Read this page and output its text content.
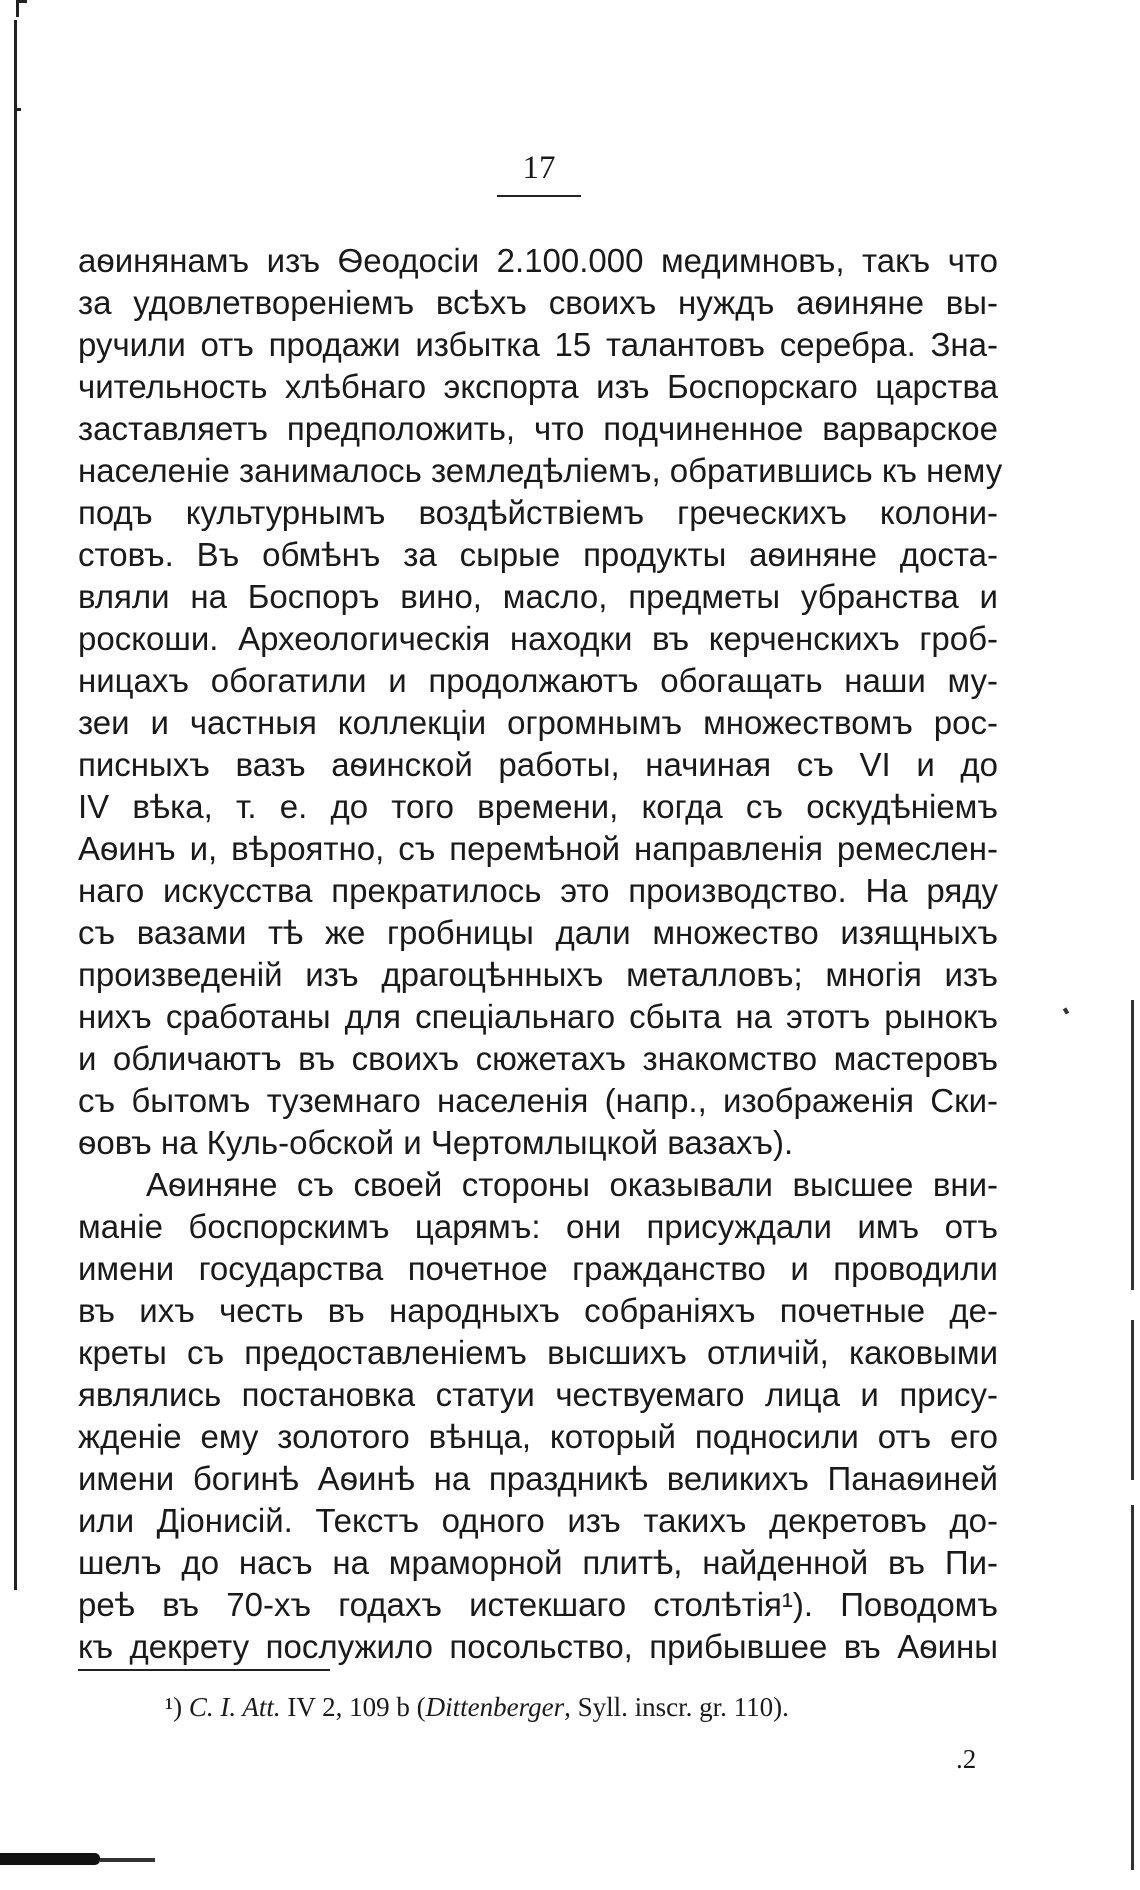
17
аѳинянамъ изъ Ѳеодосіи 2.100.000 медимновъ, такъ что
за удовлетвореніемъ всѣхъ своихъ нуждъ аѳиняне вы-
ручили отъ продажи избытка 15 талантовъ серебра. Зна-
чительность хлѣбнаго экспорта изъ Боспорскаго царства
заставляетъ предположить, что подчиненное варварское
населеніе занималось земледѣліемъ, обратившись къ нему
подъ культурнымъ воздѣйствіемъ греческихъ колони-
стовъ. Въ обмѣнъ за сырые продукты аѳиняне доста-
вляли на Боспоръ вино, масло, предметы убранства и
роскоши. Археологическія находки въ керченскихъ гроб-
ницахъ обогатили и продолжаютъ обогащать наши му-
зеи и частныя коллекціи огромнымъ множествомъ рос-
писныхъ вазъ аѳинской работы, начиная съ VI и до
IV вѣка, т. е. до того времени, когда съ оскудѣніемъ
Аѳинъ и, вѣроятно, съ перемѣной направленія ремеслен-
наго искусства прекратилось это производство. На ряду
съ вазами тѣ же гробницы дали множество изящныхъ
произведеній изъ драгоцѣнныхъ металловъ; многія изъ
нихъ сработаны для спеціальнаго сбыта на этотъ рынокъ
и обличаютъ въ своихъ сюжетахъ знакомство мастеровъ
съ бытомъ туземнаго населенія (напр., изображенія Ски-
ѳовъ на Куль-обской и Чертомлыцкой вазахъ).
Аѳиняне съ своей стороны оказывали высшее вни-
маніе боспорскимъ царямъ: они присуждали имъ отъ
имени государства почетное гражданство и проводили
въ ихъ честь въ народныхъ собраніяхъ почетные де-
креты съ предоставленіемъ высшихъ отличій, каковыми
являлись постановка статуи чествуемаго лица и прису-
жденіе ему золотого вѣнца, который подносили отъ его
имени богинѣ Аѳинѣ на праздникѣ великихъ Панаѳиней
или Діонисій. Текстъ одного изъ такихъ декретовъ до-
шелъ до насъ на мраморной плитѣ, найденной въ Пи-
реѣ въ 70-хъ годахъ истекшаго столѣтія¹). Поводомъ
къ декрету послужило посольство, прибывшее въ Аѳины
¹) C. I. Att. IV 2, 109 b (Dittenberger, Syll. inscr. gr. 110).
.2
